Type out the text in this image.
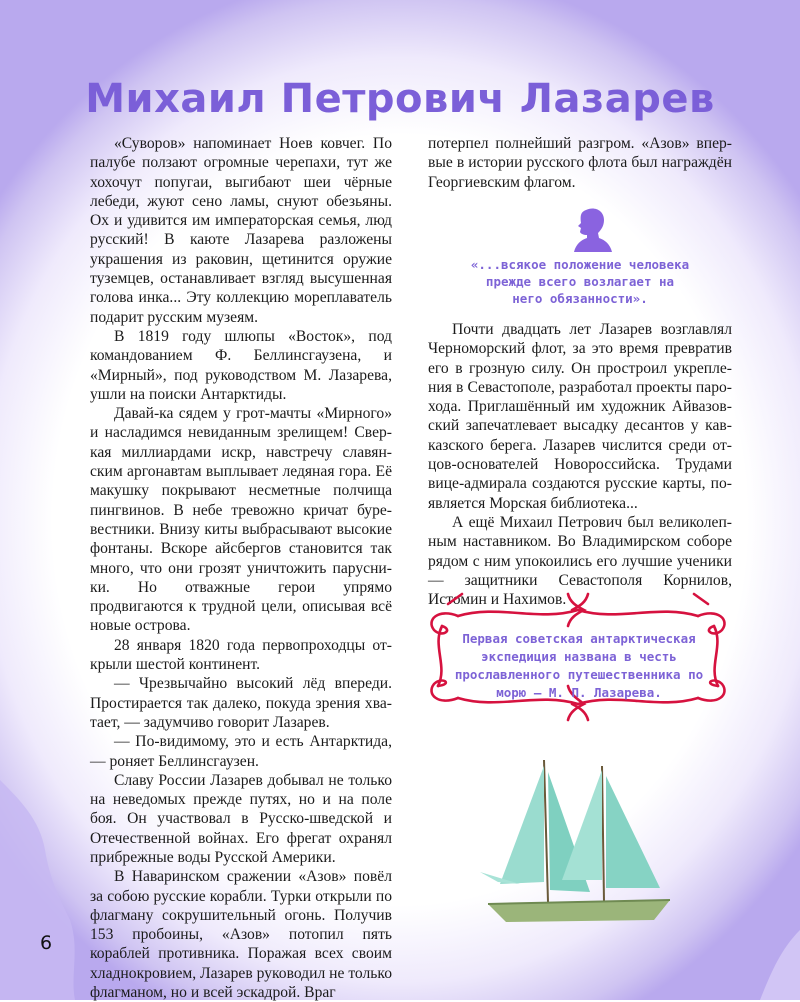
Михаил Петрович Лазарев

«Суворов» напоминает Ноев ковчег. По палубе ползают огромные черепахи, тут же хохочут попугаи, выгибают шеи чёрные лебеди, жуют сено ламы, снуют обезьяны. Ох и удивится им императорская семья, люд русский! В каюте Лазарева разложены украшения из раковин, щетинится оружие туземцев, останавливает взгляд высушенная голова инка... Эту коллекцию мореплаватель подарит русским музеям.

В 1819 году шлюпы «Восток», под командованием Ф. Беллинсгаузена, и «Мирный», под руководством М. Лазарева, ушли на поиски Антарктиды.

Давай-ка сядем у грот-мачты «Мирного» и насладимся невиданным зрелищем! Сверкая миллиардами искр, навстречу славянским аргонавтам выплывает ледяная гора. Её макушку покрывают несметные полчища пингвинов. В небе тревожно кричат буревестники. Внизу киты выбрасывают высокие фонтаны. Вскоре айсбергов становится так много, что они грозят уничтожить парусники. Но отважные герои упрямо продвигаются к трудной цели, описывая всё новые острова.

28 января 1820 года первопроходцы открыли шестой континент.

— Чрезвычайно высокий лёд впереди. Простирается так далеко, покуда зрения хватает, — задумчиво говорит Лазарев.

— По-видимому, это и есть Антарктида, — роняет Беллинсгаузен.

Славу России Лазарев добывал не только на неведомых прежде путях, но и на поле боя. Он участвовал в Русско-шведской и Отечественной войнах. Его фрегат охранял прибрежные воды Русской Америки.

В Наваринском сражении «Азов» повёл за собою русские корабли. Турки открыли по флагману сокрушительный огонь. Получив 153 пробоины, «Азов» потопил пять кораблей противника. Поражая всех своим хладнокровием, Лазарев руководил не только флагманом, но и всей эскадрой. Враг

потерпел полнейший разгром. «Азов» впервые в истории русского флота был награждён Георгиевским флагом.

«...всякое положение человека прежде всего возлагает на него обязанности».

Почти двадцать лет Лазарев возглавлял Черноморский флот, за это время превратив его в грозную силу. Он простроил укрепления в Севастополе, разработал проекты парохода. Приглашённый им художник Айвазовский запечатлевает высадку десантов у кавказского берега. Лазарев числится среди отцов-основателей Новороссийска. Трудами вице-адмирала создаются русские карты, появляется Морская библиотека...

А ещё Михаил Петрович был великолепным наставником. Во Владимирском соборе рядом с ним упокоились его лучшие ученики — защитники Севастополя Корнилов, Истомин и Нахимов.

Первая советская антарктическая экспедиция названа в честь прославленного путешественника по морю — М. П. Лазарева.
6
